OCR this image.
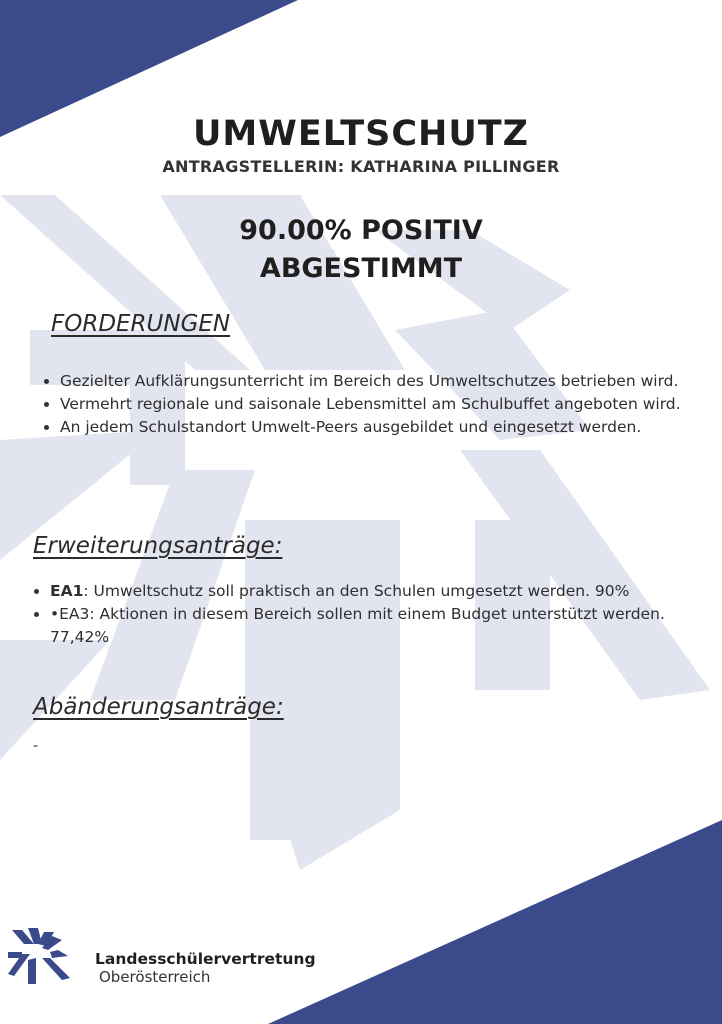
UMWELTSCHUTZ
ANTRAGSTELLERIN: KATHARINA PILLINGER
90.00% POSITIV
ABGESTIMMT
FORDERUNGEN
Gezielter Aufklärungsunterricht im Bereich des Umweltschutzes betrieben wird.
Vermehrt regionale und saisonale Lebensmittel am Schulbuffet angeboten wird.
An jedem Schulstandort Umwelt-Peers ausgebildet und eingesetzt werden.
Erweiterungsanträge:
EA1: Umweltschutz soll praktisch an den Schulen umgesetzt werden. 90%
•EA3: Aktionen in diesem Bereich sollen mit einem Budget unterstützt werden. 77,42%
Abänderungsanträge:
-
Landesschülervertretung
Oberösterreich
